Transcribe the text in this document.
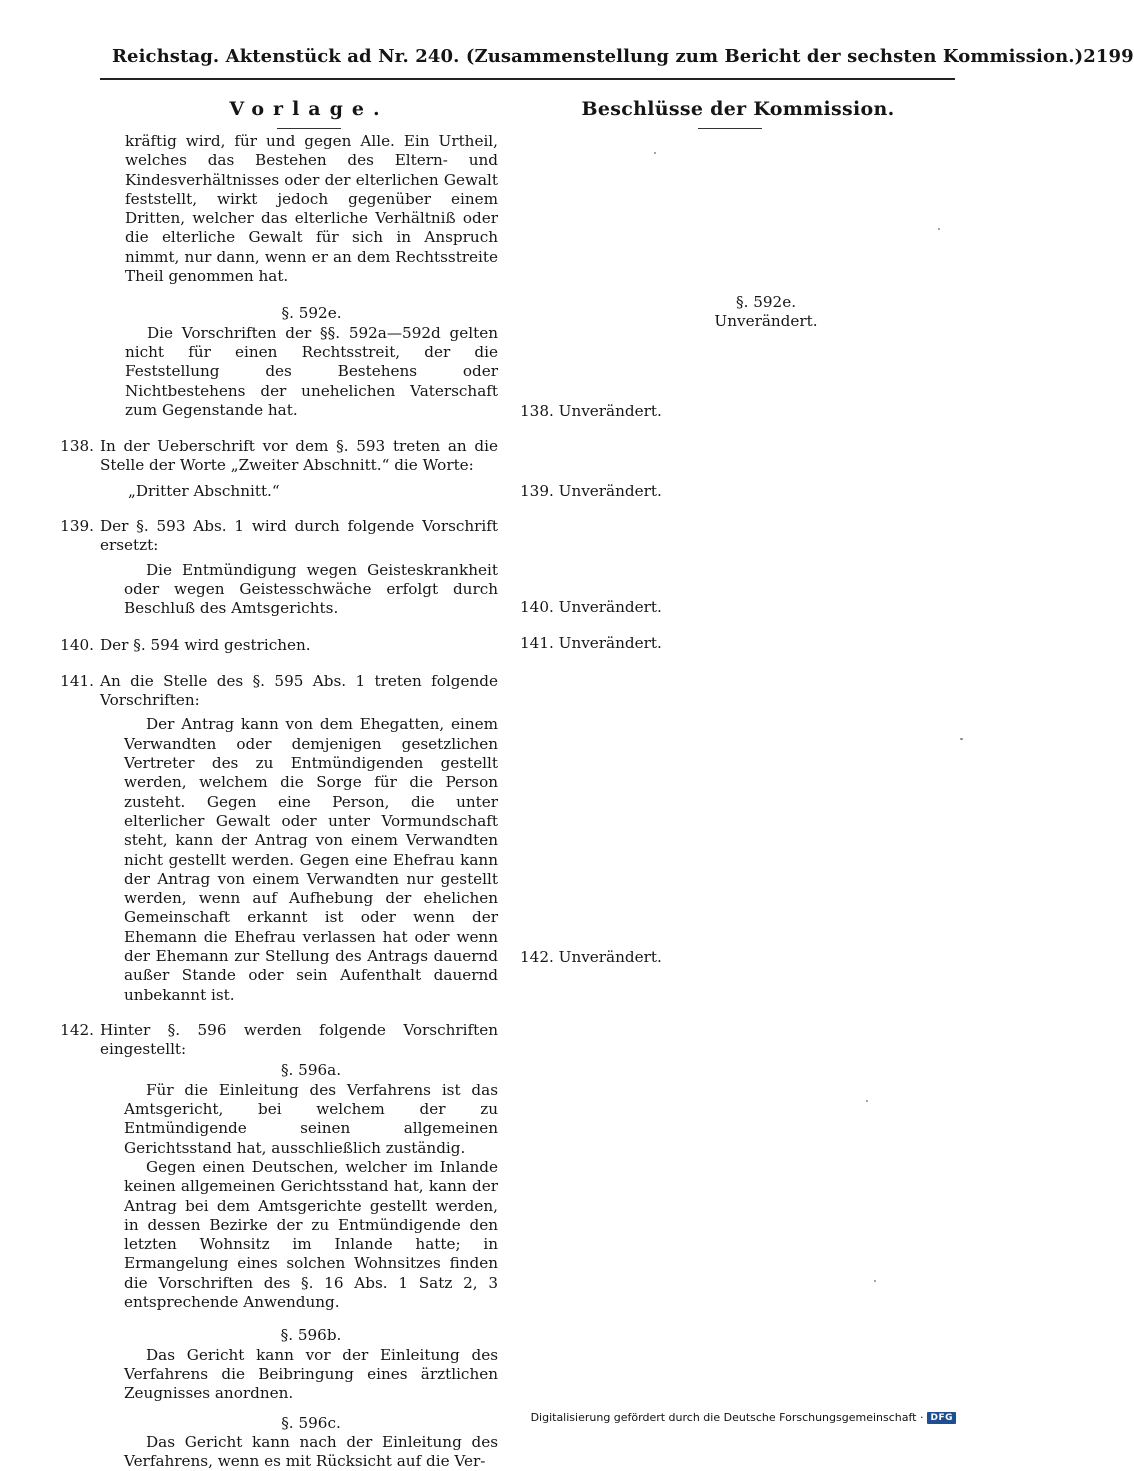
Reichstag. Aktenstück ad Nr. 240. (Zusammenstellung zum Bericht der sechsten Kommission.) 2199
Vorlage.

kräftig wird, für und gegen Alle. Ein Urtheil, welches das Bestehen des Eltern- und Kindesverhältnisses oder der elterlichen Gewalt feststellt, wirkt jedoch gegenüber einem Dritten, welcher das elterliche Verhältniß oder die elterliche Gewalt für sich in Anspruch nimmt, nur dann, wenn er an dem Rechtsstreite Theil genommen hat.

§. 592e.

Die Vorschriften der §§. 592a—592d gelten nicht für einen Rechtsstreit, der die Feststellung des Bestehens oder Nichtbestehens der unehelichen Vaterschaft zum Gegenstande hat.

138. In der Ueberschrift vor dem §. 593 treten an die Stelle der Worte „Zweiter Abschnitt.“ die Worte:

„Dritter Abschnitt.“

139. Der §. 593 Abs. 1 wird durch folgende Vorschrift ersetzt:

Die Entmündigung wegen Geisteskrankheit oder wegen Geistesschwäche erfolgt durch Beschluß des Amtsgerichts.

140. Der §. 594 wird gestrichen.

141. An die Stelle des §. 595 Abs. 1 treten folgende Vorschriften:

Der Antrag kann von dem Ehegatten, einem Verwandten oder demjenigen gesetzlichen Vertreter des zu Entmündigenden gestellt werden, welchem die Sorge für die Person zusteht. Gegen eine Person, die unter elterlicher Gewalt oder unter Vormundschaft steht, kann der Antrag von einem Verwandten nicht gestellt werden. Gegen eine Ehefrau kann der Antrag von einem Verwandten nur gestellt werden, wenn auf Aufhebung der ehelichen Gemeinschaft erkannt ist oder wenn der Ehemann die Ehefrau verlassen hat oder wenn der Ehemann zur Stellung des Antrags dauernd außer Stande oder sein Aufenthalt dauernd unbekannt ist.

142. Hinter §. 596 werden folgende Vorschriften eingestellt:

§. 596a.

Für die Einleitung des Verfahrens ist das Amtsgericht, bei welchem der zu Entmündigende seinen allgemeinen Gerichtsstand hat, ausschließlich zuständig.

Gegen einen Deutschen, welcher im Inlande keinen allgemeinen Gerichtsstand hat, kann der Antrag bei dem Amtsgerichte gestellt werden, in dessen Bezirke der zu Entmündigende den letzten Wohnsitz im Inlande hatte; in Ermangelung eines solchen Wohnsitzes finden die Vorschriften des §. 16 Abs. 1 Satz 2, 3 entsprechende Anwendung.

§. 596b.

Das Gericht kann vor der Einleitung des Verfahrens die Beibringung eines ärztlichen Zeugnisses anordnen.

§. 596c.

Das Gericht kann nach der Einleitung des Verfahrens, wenn es mit Rücksicht auf die Ver-

Beschlüsse der Kommission.

§. 592e.

Unverändert.

138. Unverändert.

139. Unverändert.

140. Unverändert.

141. Unverändert.

142. Unverändert.

Digitalisierung gefördert durch die Deutsche Forschungsgemeinschaft · DFG
